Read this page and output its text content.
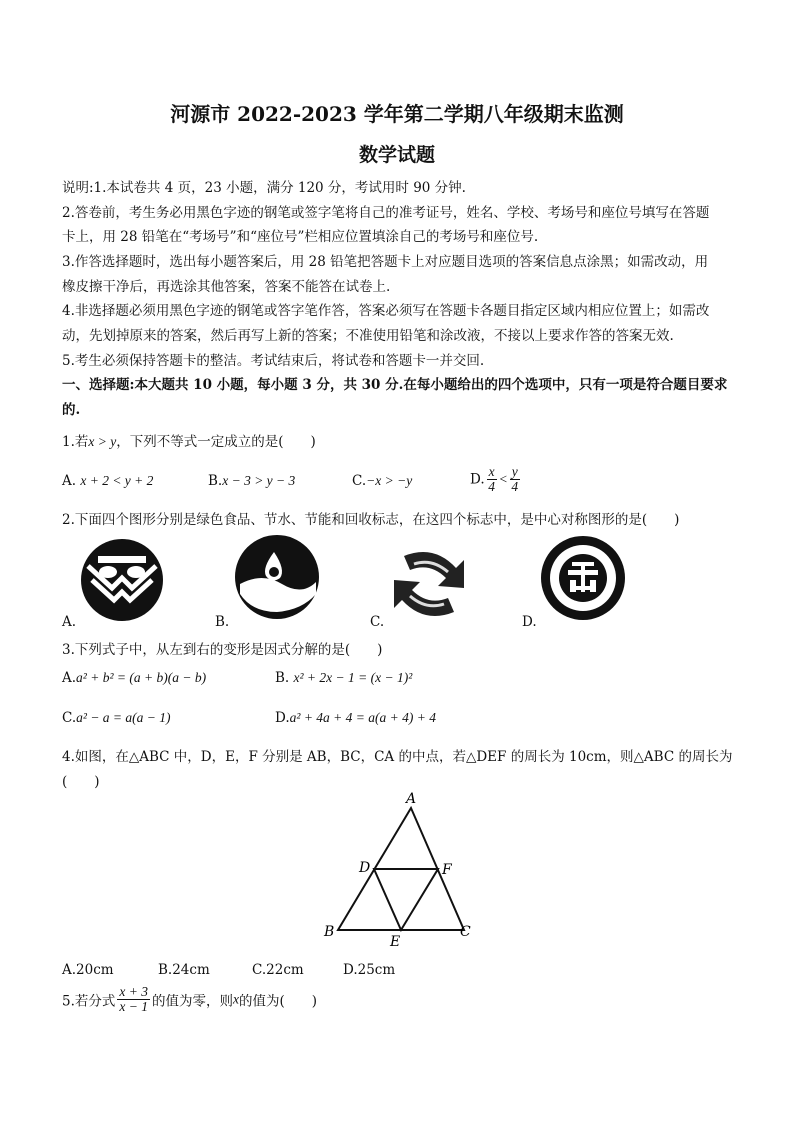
河源市 2022-2023 学年第二学期八年级期末监测
数学试题
说明:1.本试卷共 4 页，23 小题，满分 120 分，考试用时 90 分钟.
2.答卷前，考生务必用黑色字迹的钢笔或签字笔将自己的准考证号，姓名、学校、考场号和座位号填写在答题
卡上，用 28 铅笔在“考场号”和“座位号”栏相应位置填涂自己的考场号和座位号.
3.作答选择题时，选出每小题答案后，用 28 铅笔把答题卡上对应题目选项的答案信息点涂黑；如需改动，用
橡皮擦干净后，再选涂其他答案，答案不能答在试卷上.
4.非选择题必须用黑色字迹的钢笔或答字笔作答，答案必须写在答题卡各题目指定区域内相应位置上；如需改
动，先划掉原来的答案，然后再写上新的答案；不准使用铅笔和涂改液，不接以上要求作答的答案无效.
5.考生必须保持答题卡的整洁。考试结束后，将试卷和答题卡一并交回.
一、选择题:本大题共 10 小题，每小题 3 分，共 30 分.在每小题给出的四个选项中，只有一项是符合题目要求
的.
1.若x > y，下列不等式一定成立的是(　　)
A. x + 2 < y + 2	B.x − 3 > y − 3	C.−x > −y	D. $\frac{x}{4} < \frac{y}{4}$
2.下面四个图形分别是绿色食品、节水、节能和回收标志，在这四个标志中，是中心对称图形的是(　　)
A.	B.	C.	D.
3.下列式子中，从左到右的变形是因式分解的是(　　)
A.a² + b² = (a + b)(a − b)	B. x² + 2x − 1 = (x − 1)²
C.a² − a = a(a − 1)	D.a² + 4a + 4 = a(a + 4) + 4
4.如图，在△ABC 中，D，E，F 分别是 AB，BC，CA 的中点，若△DEF 的周长为 10cm，则△ABC 的周长为
(　　)
A
B	C
D
E
F
A.20cm	B.24cm	C.22cm	D.25cm
5.若分式 $\frac{x + 3}{x - 1}$ 的值为零，则x的值为(　　)
